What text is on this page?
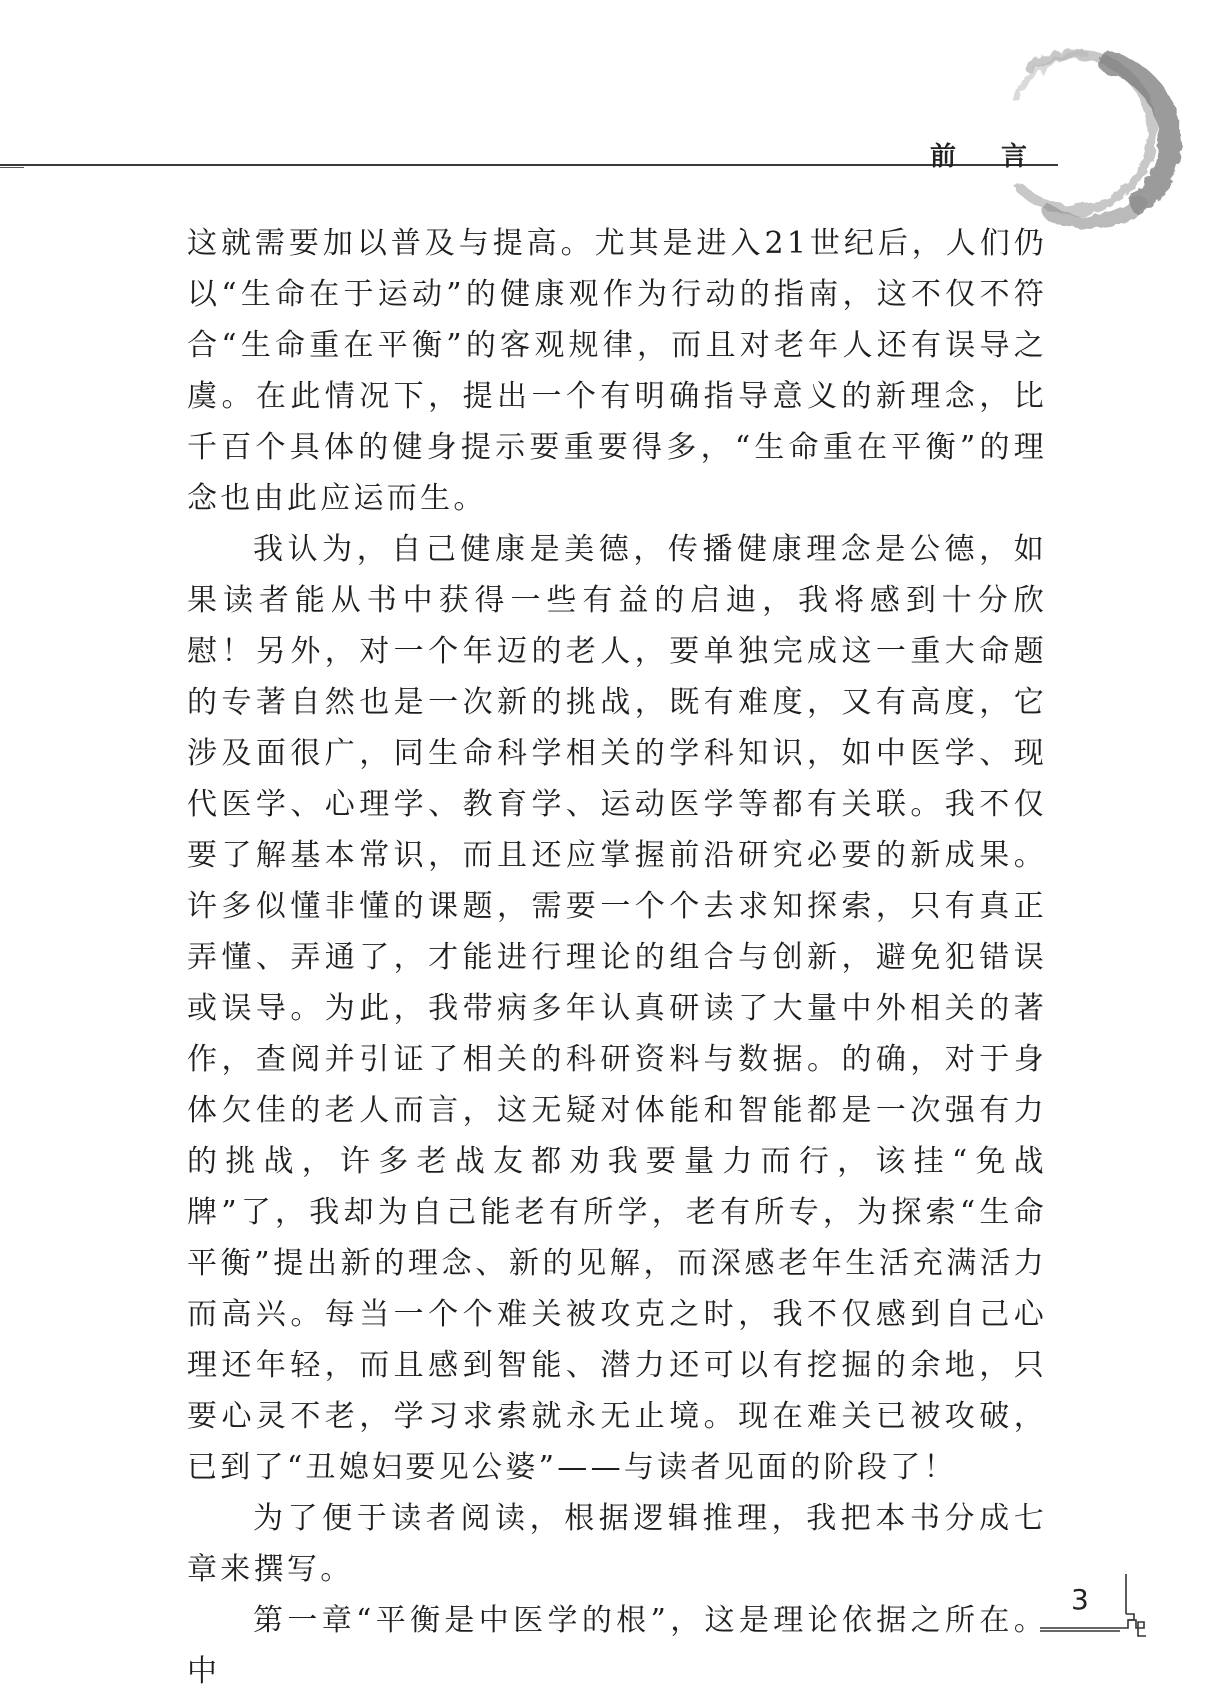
前 言

这就需要加以普及与提高。尤其是进入21世纪后，人们仍以“生命在于运动”的健康观作为行动的指南，这不仅不符合“生命重在平衡”的客观规律，而且对老年人还有误导之虞。在此情况下，提出一个有明确指导意义的新理念，比千百个具体的健身提示要重要得多，“生命重在平衡”的理念也由此应运而生。

我认为，自己健康是美德，传播健康理念是公德，如果读者能从书中获得一些有益的启迪，我将感到十分欣慰！另外，对一个年迈的老人，要单独完成这一重大命题的专著自然也是一次新的挑战，既有难度，又有高度，它涉及面很广，同生命科学相关的学科知识，如中医学、现代医学、心理学、教育学、运动医学等都有关联。我不仅要了解基本常识，而且还应掌握前沿研究必要的新成果。许多似懂非懂的课题，需要一个个去求知探索，只有真正弄懂、弄通了，才能进行理论的组合与创新，避免犯错误或误导。为此，我带病多年认真研读了大量中外相关的著作，查阅并引证了相关的科研资料与数据。的确，对于身体欠佳的老人而言，这无疑对体能和智能都是一次强有力的挑战，许多老战友都劝我要量力而行，该挂“免战牌”了，我却为自己能老有所学，老有所专，为探索“生命平衡”提出新的理念、新的见解，而深感老年生活充满活力而高兴。每当一个个难关被攻克之时，我不仅感到自己心理还年轻，而且感到智能、潜力还可以有挖掘的余地，只要心灵不老，学习求索就永无止境。现在难关已被攻破，已到了“丑媳妇要见公婆”——与读者见面的阶段了！

为了便于读者阅读，根据逻辑推理，我把本书分成七章来撰写。

第一章“平衡是中医学的根”，这是理论依据之所在。中

3
